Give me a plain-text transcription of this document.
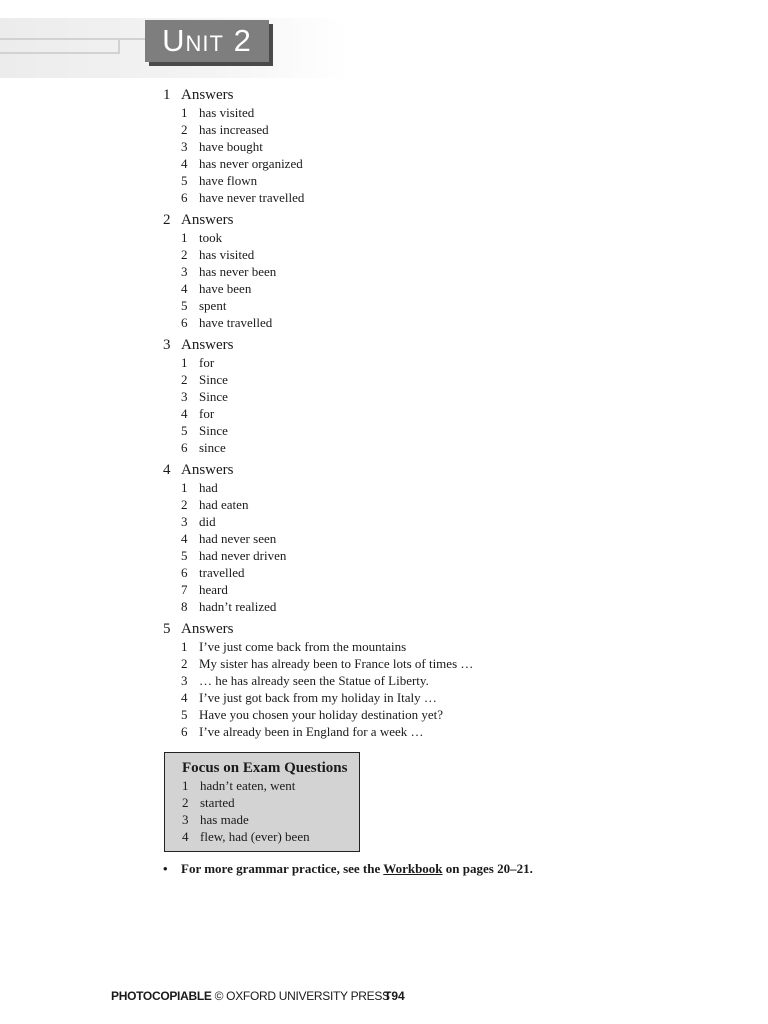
Unit 2
1 Answers
1 has visited
2 has increased
3 have bought
4 has never organized
5 have flown
6 have never travelled
2 Answers
1 took
2 has visited
3 has never been
4 have been
5 spent
6 have travelled
3 Answers
1 for
2 Since
3 Since
4 for
5 Since
6 since
4 Answers
1 had
2 had eaten
3 did
4 had never seen
5 had never driven
6 travelled
7 heard
8 hadn’t realized
5 Answers
1 I’ve just come back from the mountains
2 My sister has already been to France lots of times …
3 … he has already seen the Statue of Liberty.
4 I’ve just got back from my holiday in Italy …
5 Have you chosen your holiday destination yet?
6 I’ve already been in England for a week …
Focus on Exam Questions
1 hadn’t eaten, went
2 started
3 has made
4 flew, had (ever) been
•	For more grammar practice, see the Workbook on pages 20–21.
PHOTOCOPIABLE © OXFORD UNIVERSITY PRESS
T94
